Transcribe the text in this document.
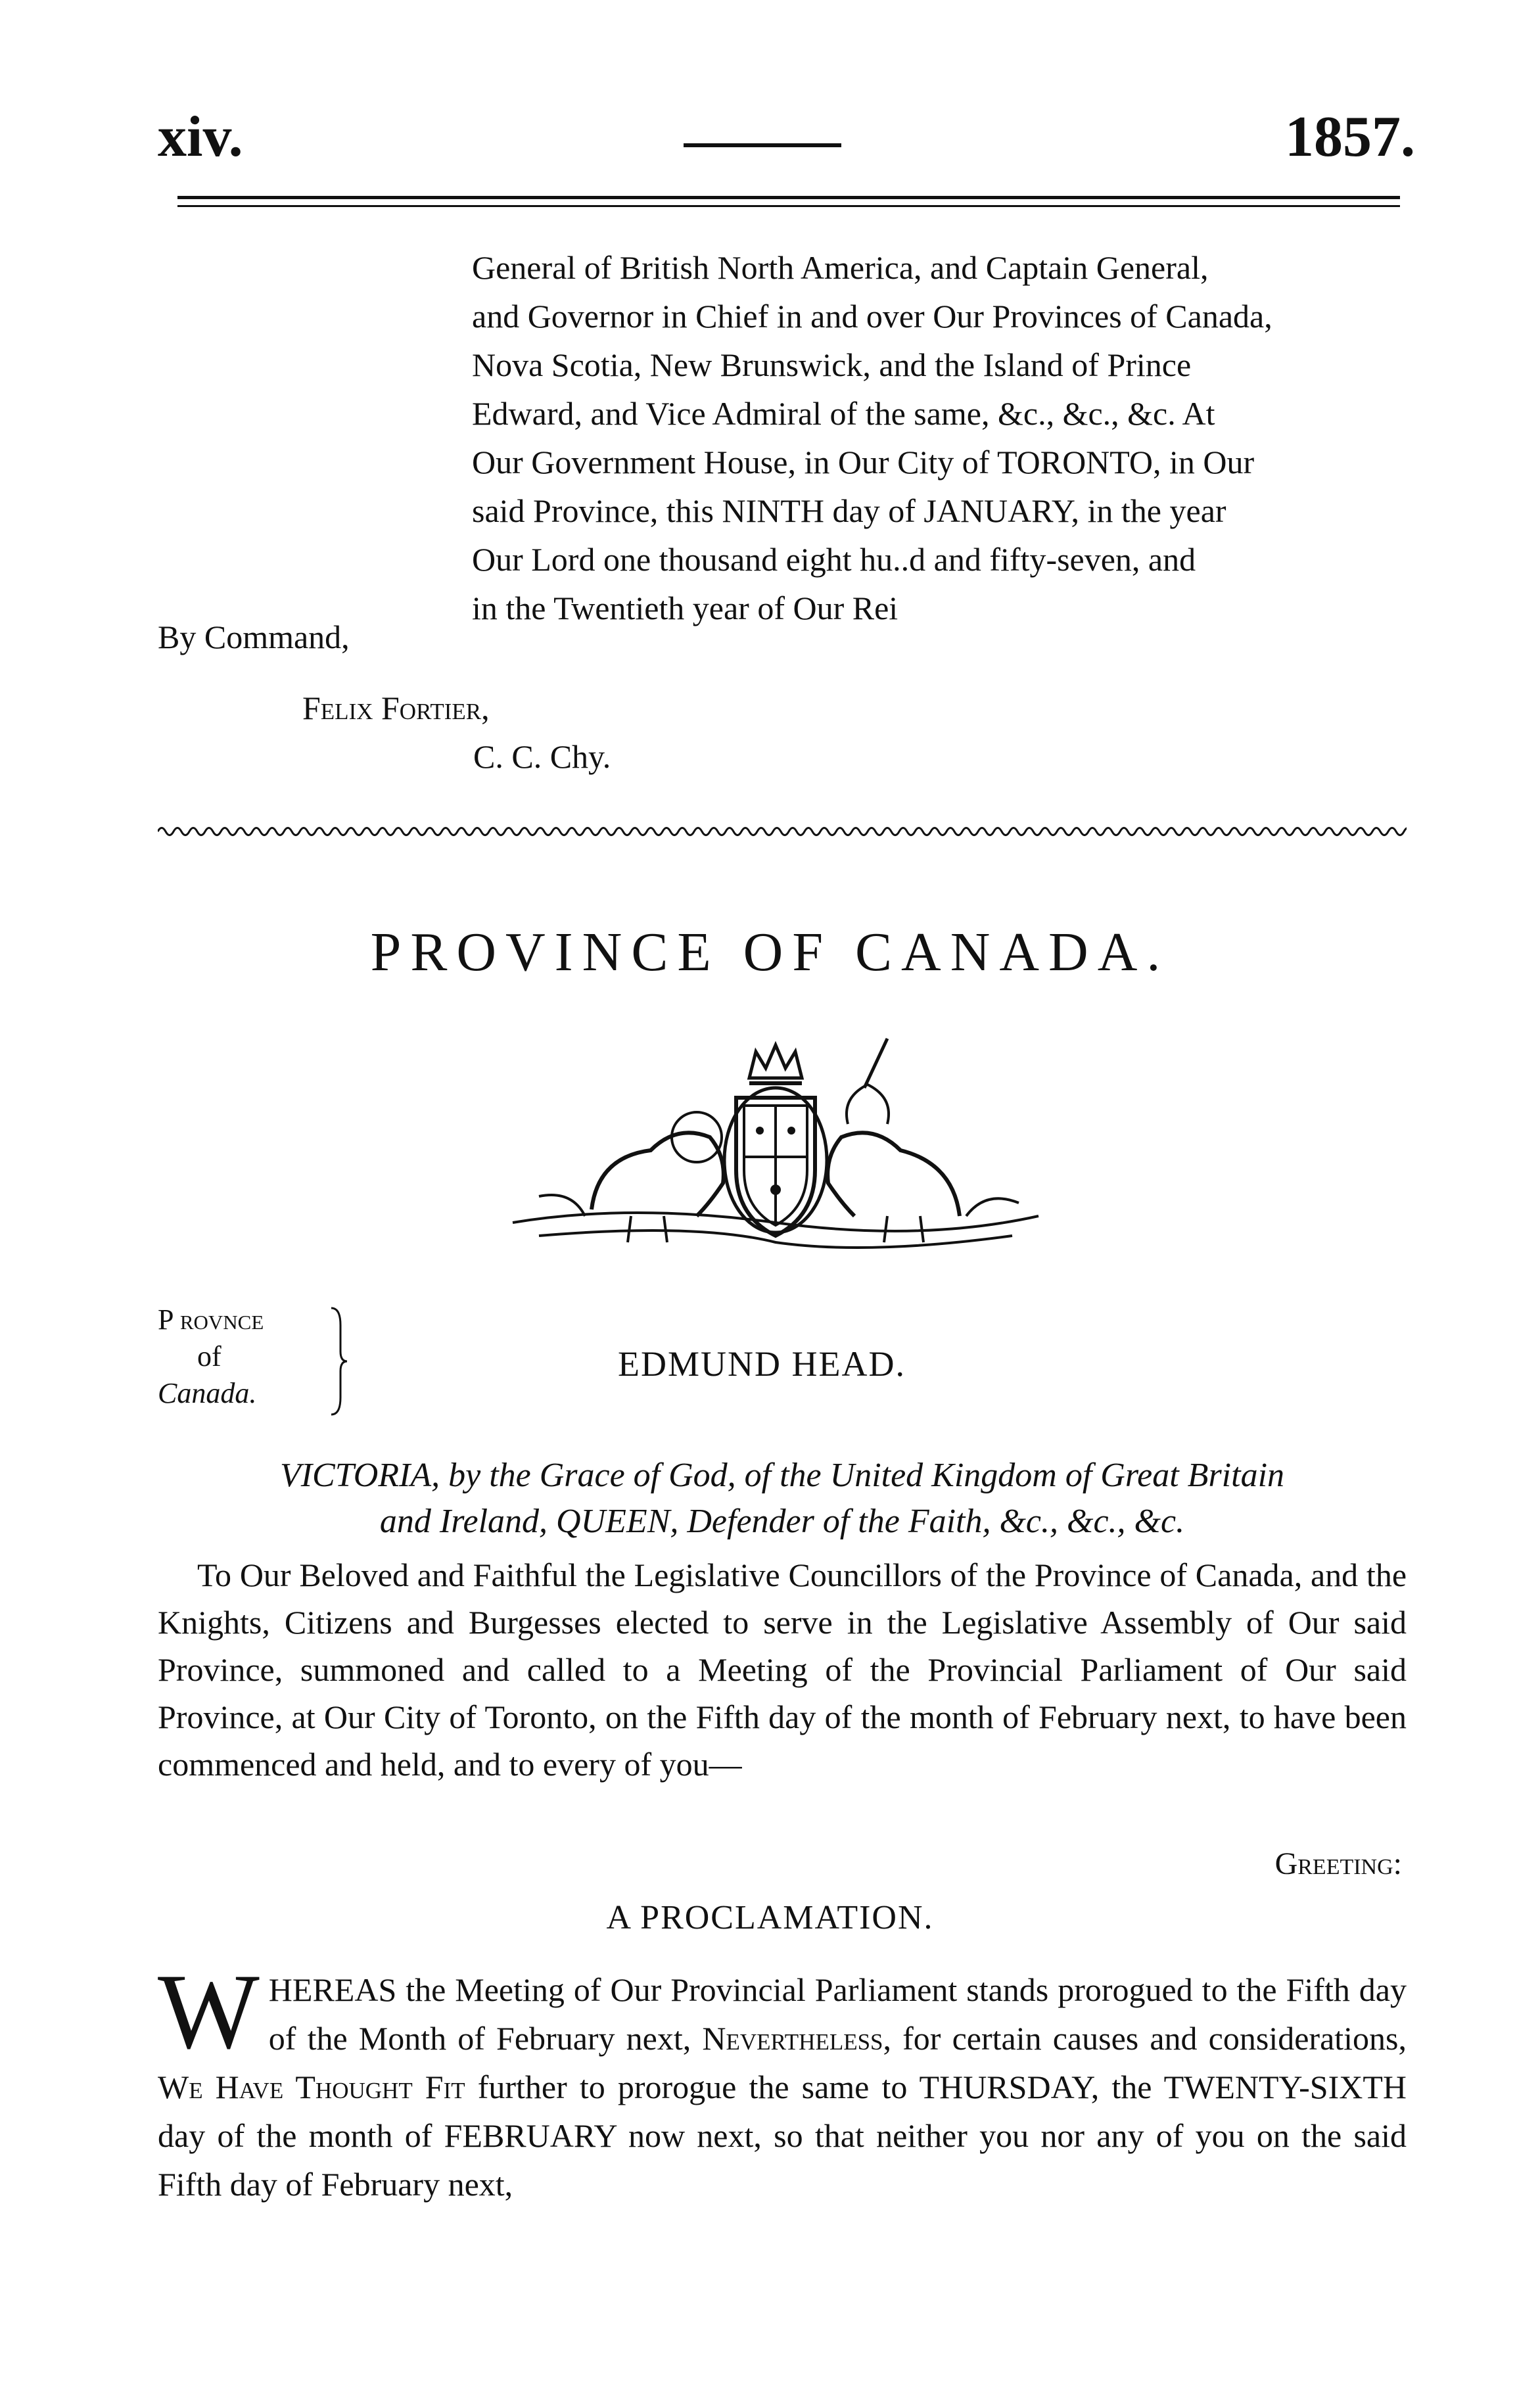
xiv.	1857.
General of British North America, and Captain General,
and Governor in Chief in and over Our Provinces of Canada,
Nova Scotia, New Brunswick, and the Island of Prince
Edward, and Vice Admiral of the same, &c., &c., &c. At
Our Government House, in Our City of TORONTO, in Our
said Province, this NINTH day of JANUARY, in the year
Our Lord one thousand eight hu..d and fifty-seven, and
in the Twentieth year of Our Rei
By Command,
Felix Fortier,
C. C. Chy.
PROVINCE OF CANADA.
P rovnce
of
Canada.
EDMUND HEAD.
VICTORIA, by the Grace of God, of the United Kingdom of Great Britain
and Ireland, QUEEN, Defender of the Faith, &c., &c., &c.
To Our Beloved and Faithful the Legislative Councillors of the Province of Canada, and the Knights, Citizens and Burgesses elected to serve in the Legislative Assembly of Our said Province, summoned and called to a Meeting of the Provincial Parliament of Our said Province, at Our City of Toronto, on the Fifth day of the month of February next, to have been commenced and held, and to every of you—
Greeting:
A PROCLAMATION.
WHEREAS the Meeting of Our Provincial Parliament stands prorogued to the Fifth day of the Month of February next, Nevertheless, for certain causes and considerations, We Have Thought Fit further to prorogue the same to THURSDAY, the TWENTY-SIXTH day of the month of FEBRUARY now next, so that neither you nor any of you on the said Fifth day of February next,
